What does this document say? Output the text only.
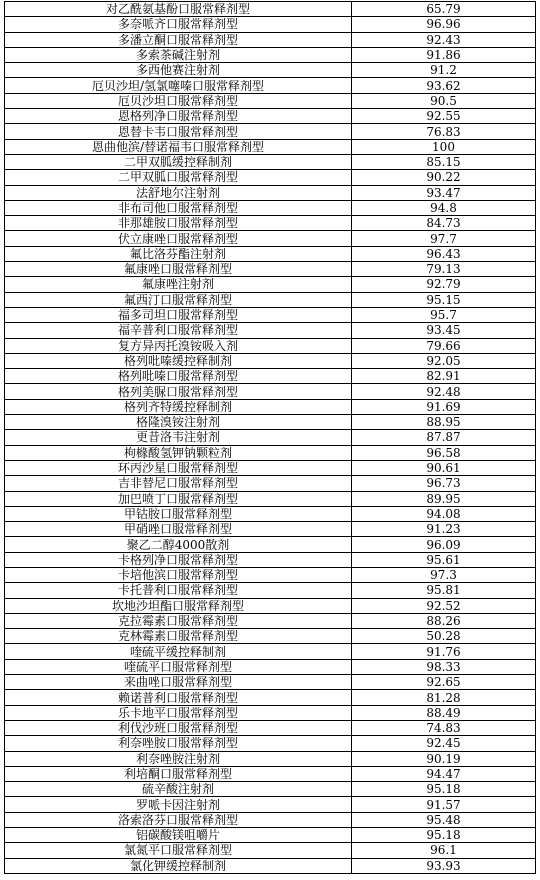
对乙酰氨基酚口服常释剂型	65.79
多奈哌齐口服常释剂型	96.96
多潘立酮口服常释剂型	92.43
多索茶碱注射剂	91.86
多西他赛注射剂	91.2
厄贝沙坦/氢氯噻嗪口服常释剂型	93.62
厄贝沙坦口服常释剂型	90.5
恩格列净口服常释剂型	92.55
恩替卡韦口服常释剂型	76.83
恩曲他滨/替诺福韦口服常释剂型	100
二甲双胍缓控释制剂	85.15
二甲双胍口服常释剂型	90.22
法舒地尔注射剂	93.47
非布司他口服常释剂型	94.8
非那雄胺口服常释剂型	84.73
伏立康唑口服常释剂型	97.7
氟比洛芬酯注射剂	96.43
氟康唑口服常释剂型	79.13
氟康唑注射剂	92.79
氟西汀口服常释剂型	95.15
福多司坦口服常释剂型	95.7
福辛普利口服常释剂型	93.45
复方异丙托溴铵吸入剂	79.66
格列吡嗪缓控释制剂	92.05
格列吡嗪口服常释剂型	82.91
格列美脲口服常释剂型	92.48
格列齐特缓控释制剂	91.69
格隆溴铵注射剂	88.95
更昔洛韦注射剂	87.87
枸橼酸氢钾钠颗粒剂	96.58
环丙沙星口服常释剂型	90.61
吉非替尼口服常释剂型	96.73
加巴喷丁口服常释剂型	89.95
甲钴胺口服常释剂型	94.08
甲硝唑口服常释剂型	91.23
聚乙二醇4000散剂	96.09
卡格列净口服常释剂型	95.61
卡培他滨口服常释剂型	97.3
卡托普利口服常释剂型	95.81
坎地沙坦酯口服常释剂型	92.52
克拉霉素口服常释剂型	88.26
克林霉素口服常释剂型	50.28
喹硫平缓控释制剂	91.76
喹硫平口服常释剂型	98.33
来曲唑口服常释剂型	92.65
赖诺普利口服常释剂型	81.28
乐卡地平口服常释剂型	88.49
利伐沙班口服常释剂型	74.83
利奈唑胺口服常释剂型	92.45
利奈唑胺注射剂	90.19
利培酮口服常释剂型	94.47
硫辛酸注射剂	95.18
罗哌卡因注射剂	91.57
洛索洛芬口服常释剂型	95.48
铝碳酸镁咀嚼片	95.18
氯氮平口服常释剂型	96.1
氯化钾缓控释制剂	93.93
